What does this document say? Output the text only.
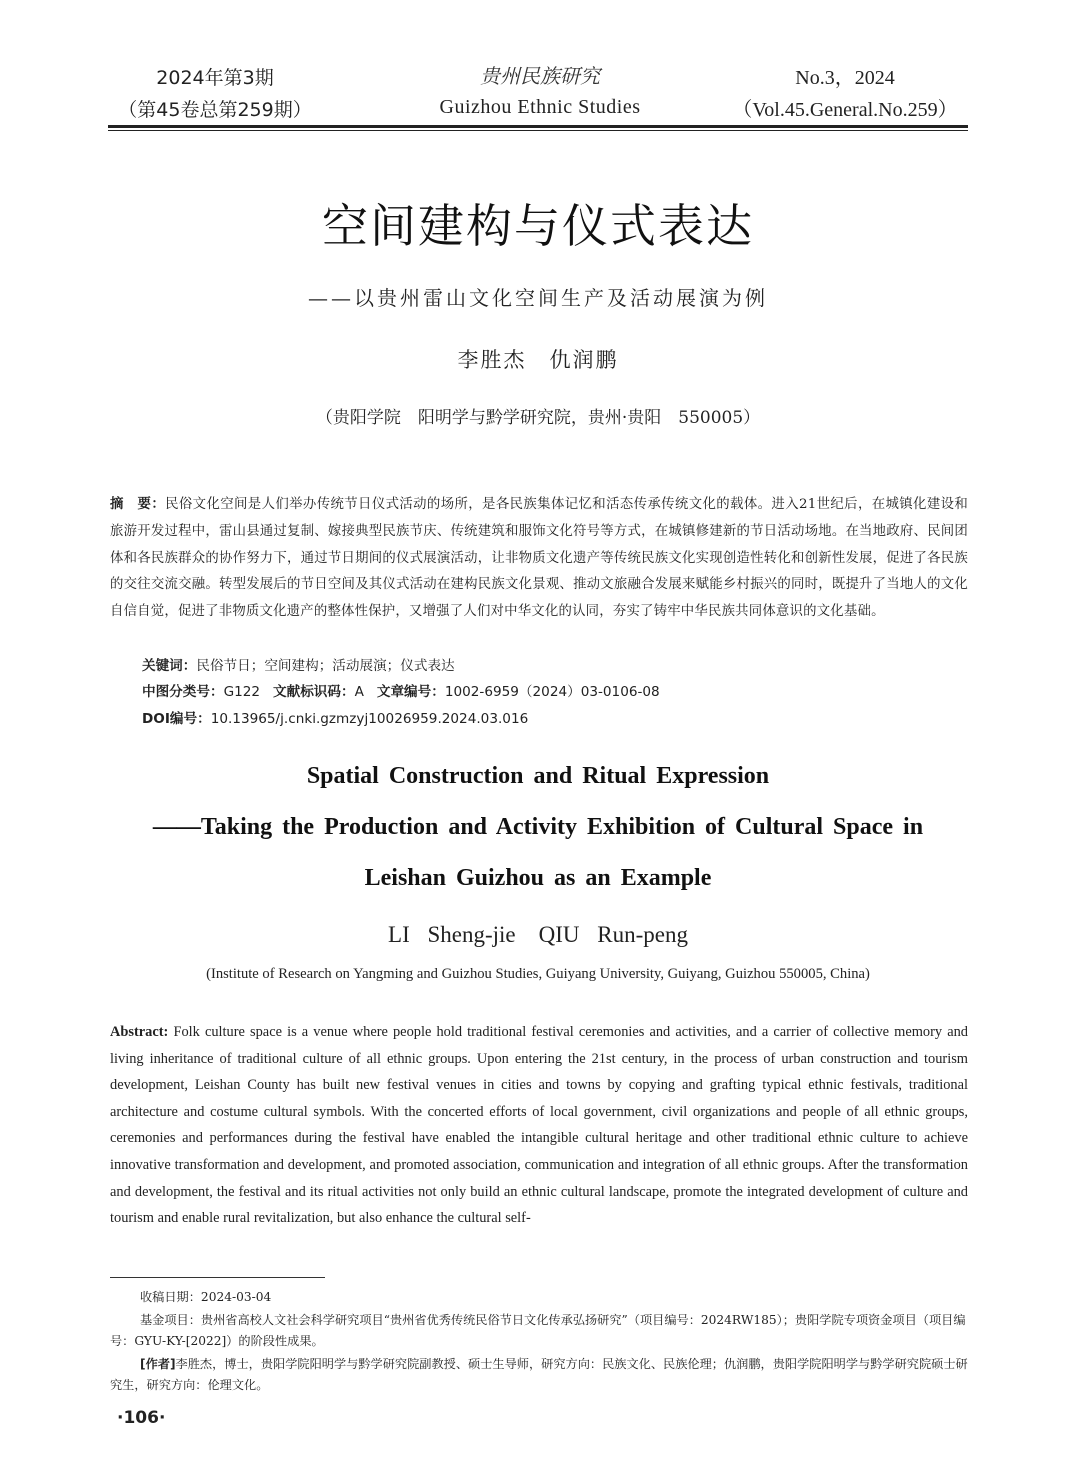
2024年第3期
（第45卷总第259期）
贵州民族研究
Guizhou Ethnic Studies
No.3，2024
（Vol.45.General.No.259）
空间建构与仪式表达
——以贵州雷山文化空间生产及活动展演为例
李胜杰　仇润鹏
（贵阳学院　阳明学与黔学研究院，贵州·贵阳　550005）
摘　要：民俗文化空间是人们举办传统节日仪式活动的场所，是各民族集体记忆和活态传承传统文化的载体。进入21世纪后，在城镇化建设和旅游开发过程中，雷山县通过复制、嫁接典型民族节庆、传统建筑和服饰文化符号等方式，在城镇修建新的节日活动场地。在当地政府、民间团体和各民族群众的协作努力下，通过节日期间的仪式展演活动，让非物质文化遗产等传统民族文化实现创造性转化和创新性发展，促进了各民族的交往交流交融。转型发展后的节日空间及其仪式活动在建构民族文化景观、推动文旅融合发展来赋能乡村振兴的同时，既提升了当地人的文化自信自觉，促进了非物质文化遗产的整体性保护，又增强了人们对中华文化的认同，夯实了铸牢中华民族共同体意识的文化基础。
关键词：民俗节日；空间建构；活动展演；仪式表达
中图分类号：G122 文献标识码：A 文章编号：1002-6959（2024）03-0106-08
DOI编号：10.13965/j.cnki.gzmzyj10026959.2024.03.016
Spatial Construction and Ritual Expression
——Taking the Production and Activity Exhibition of Cultural Space in
Leishan Guizhou as an Example
LI Sheng-jie　QIU Run-peng
(Institute of Research on Yangming and Guizhou Studies, Guiyang University, Guiyang, Guizhou 550005, China)
Abstract: Folk culture space is a venue where people hold traditional festival ceremonies and activities, and a carrier of collective memory and living inheritance of traditional culture of all ethnic groups. Upon entering the 21st century, in the process of urban construction and tourism development, Leishan County has built new festival venues in cities and towns by copying and grafting typical ethnic festivals, traditional architecture and costume cultural symbols. With the concerted efforts of local government, civil organizations and people of all ethnic groups, ceremonies and performances during the festival have enabled the intangible cultural heritage and other traditional ethnic culture to achieve innovative transformation and development, and promoted association, communication and integration of all ethnic groups. After the transformation and development, the festival and its ritual activities not only build an ethnic cultural landscape, promote the integrated development of culture and tourism and enable rural revitalization, but also enhance the cultural self-
收稿日期：2024-03-04
基金项目：贵州省高校人文社会科学研究项目“贵州省优秀传统民俗节日文化传承弘扬研究”（项目编号：2024RW185）；贵阳学院专项资金项目（项目编号：GYU-KY-[2022]）的阶段性成果。
[作者]李胜杰，博士，贵阳学院阳明学与黔学研究院副教授、硕士生导师，研究方向：民族文化、民族伦理；仇润鹏，贵阳学院阳明学与黔学研究院硕士研究生，研究方向：伦理文化。
·106·
